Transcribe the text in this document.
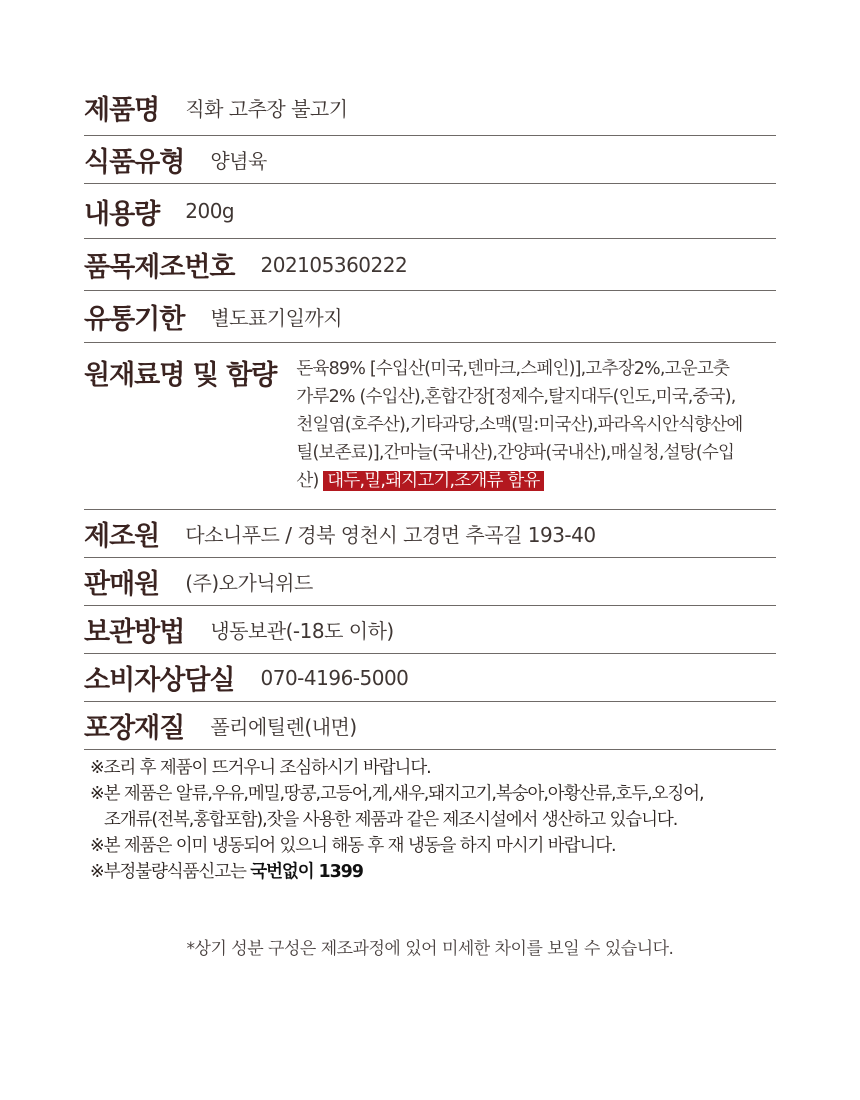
제품명 직화 고추장 불고기
식품유형 양념육
내용량 200g
품목제조번호 202105360222
유통기한 별도표기일까지
원재료명 및 함량 돈육89% [수입산(미국,덴마크,스페인)],고추장2%,고운고춧가루2% (수입산),혼합간장[정제수,탈지대두(인도,미국,중국),천일염(호주산),기타과당,소맥(밀:미국산),파라옥시안식향산에틸(보존료)],간마늘(국내산),간양파(국내산),매실청,설탕(수입산) 대두,밀,돼지고기,조개류 함유
제조원 다소니푸드 / 경북 영천시 고경면 추곡길 193-40
판매원 (주)오가닉위드
보관방법 냉동보관(-18도 이하)
소비자상담실 070-4196-5000
포장재질 폴리에틸렌(내면)

※조리 후 제품이 뜨거우니 조심하시기 바랍니다.

※본 제품은 알류,우유,메밀,땅콩,고등어,게,새우,돼지고기,복숭아,아황산류,호두,오징어,

조개류(전복,홍합포함),잣을 사용한 제품과 같은 제조시설에서 생산하고 있습니다.

※본 제품은 이미 냉동되어 있으니 해동 후 재 냉동을 하지 마시기 바랍니다.

※부정불량식품신고는 국번없이 1399

*상기 성분 구성은 제조과정에 있어 미세한 차이를 보일 수 있습니다.
